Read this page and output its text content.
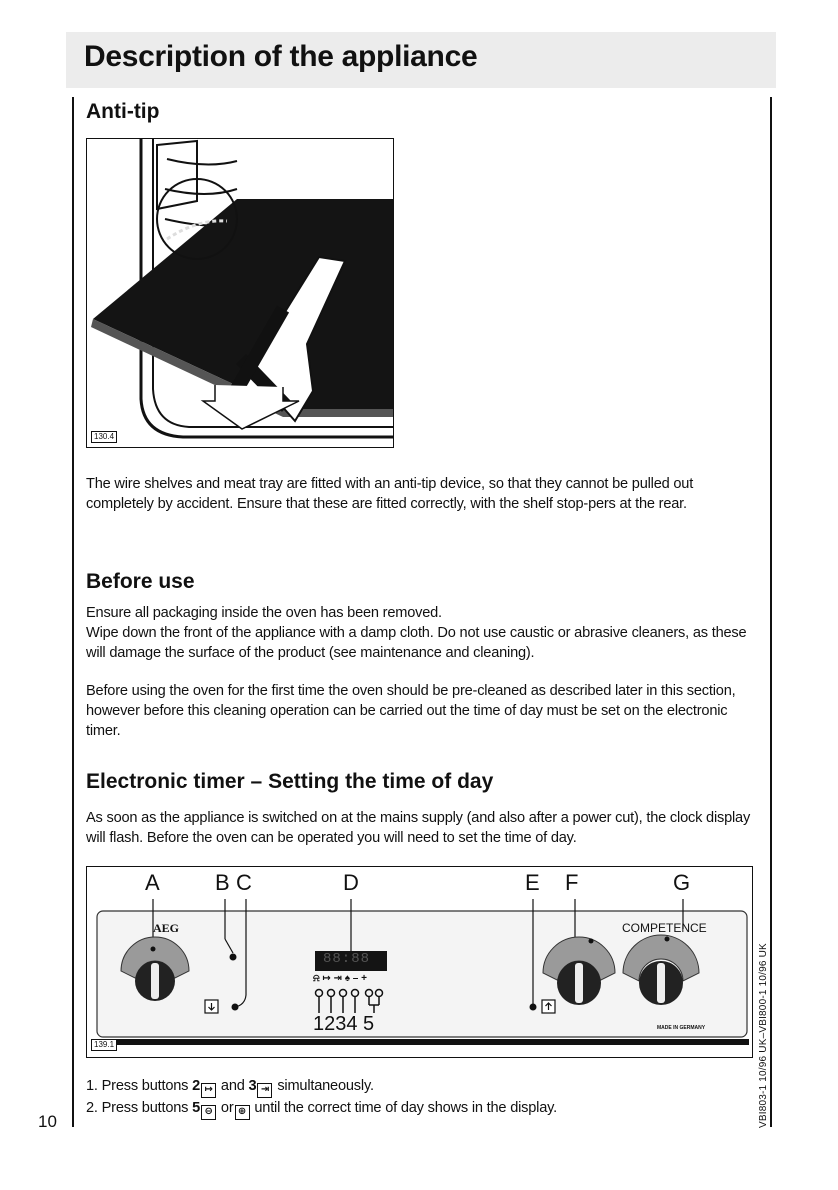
Description of the appliance
Anti-tip
130.4

The wire shelves and meat tray are fitted with an anti-tip device, so that they cannot be pulled out completely by accident. Ensure that these are fitted correctly, with the shelf stop-pers at the rear.

Before use

Ensure all packaging inside the oven has been removed.

Wipe down the front of the appliance with a damp cloth. Do not use caustic or abrasive cleaners, as these will damage the surface of the product (see maintenance and cleaning).

Before using the oven for the first time the oven should be pre-cleaned as described later in this section, however before this cleaning operation can be carried out the time of day must be set on the electronic timer.

Electronic timer – Setting the time of day

As soon as the appliance is switched on at the mains supply (and also after a power cut), the clock display will flash. Before the oven can be operated you will need to set the time of day.

A	B C	D	E F	G
AEG
88:88
⍾ ↦ ⇥ ♠ – +
1234 5
COMPETENCE
MADE IN GERMANY
139.1
1. Press buttons 2 ↦ and 3 ⇥ simultaneously.
2. Press buttons 5 ⊖ or ⊕ until the correct time of day shows in the display.
10	VBI803-1 10/96 UK–VBI800-1 10/96 UK
